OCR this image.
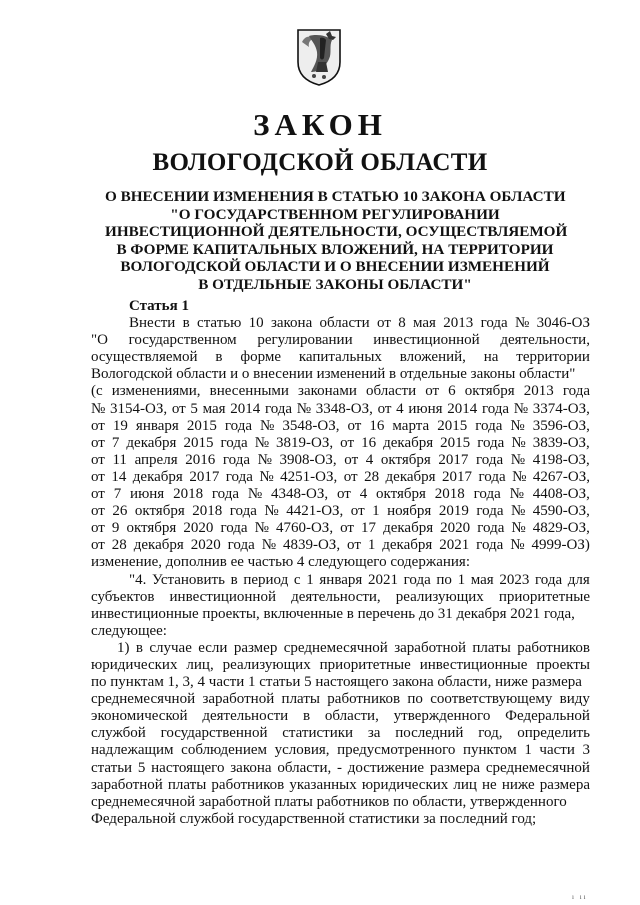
ЗАКОН
ВОЛОГОДСКОЙ ОБЛАСТИ
О ВНЕСЕНИИ ИЗМЕНЕНИЯ В СТАТЬЮ 10 ЗАКОНА ОБЛАСТИ
"О ГОСУДАРСТВЕННОМ РЕГУЛИРОВАНИИ
ИНВЕСТИЦИОННОЙ ДЕЯТЕЛЬНОСТИ, ОСУЩЕСТВЛЯЕМОЙ
В ФОРМЕ КАПИТАЛЬНЫХ ВЛОЖЕНИЙ, НА ТЕРРИТОРИИ
ВОЛОГОДСКОЙ ОБЛАСТИ И О ВНЕСЕНИИ ИЗМЕНЕНИЙ
В ОТДЕЛЬНЫЕ ЗАКОНЫ ОБЛАСТИ"
Статья 1
Внести в статью 10 закона области от 8 мая 2013 года № 3046-ОЗ
"О государственном регулировании инвестиционной деятельности,
осуществляемой в форме капитальных вложений, на территории
Вологодской области и о внесении изменений в отдельные законы области"
(с изменениями, внесенными законами области от 6 октября 2013 года
№ 3154-ОЗ, от 5 мая 2014 года № 3348-ОЗ, от 4 июня 2014 года № 3374-ОЗ,
от 19 января 2015 года № 3548-ОЗ, от 16 марта 2015 года № 3596-ОЗ,
от 7 декабря 2015 года № 3819-ОЗ, от 16 декабря 2015 года № 3839-ОЗ,
от 11 апреля 2016 года № 3908-ОЗ, от 4 октября 2017 года № 4198-ОЗ,
от 14 декабря 2017 года № 4251-ОЗ, от 28 декабря 2017 года № 4267-ОЗ,
от 7 июня 2018 года № 4348-ОЗ, от 4 октября 2018 года № 4408-ОЗ,
от 26 октября 2018 года № 4421-ОЗ, от 1 ноября 2019 года № 4590-ОЗ,
от 9 октября 2020 года № 4760-ОЗ, от 17 декабря 2020 года № 4829-ОЗ,
от 28 декабря 2020 года № 4839-ОЗ, от 1 декабря 2021 года № 4999-ОЗ)
изменение, дополнив ее частью 4 следующего содержания:
"4. Установить в период с 1 января 2021 года по 1 мая 2023 года для
субъектов инвестиционной деятельности, реализующих приоритетные
инвестиционные проекты, включенные в перечень до 31 декабря 2021 года,
следующее:
1) в случае если размер среднемесячной заработной платы работников
юридических лиц, реализующих приоритетные инвестиционные проекты
по пунктам 1, 3, 4 части 1 статьи 5 настоящего закона области, ниже размера
среднемесячной заработной платы работников по соответствующему виду
экономической деятельности в области, утвержденного Федеральной
службой государственной статистики за последний год, определить
надлежащим соблюдением условия, предусмотренного пунктом 1 части 3
статьи 5 настоящего закона области, - достижение размера среднемесячной
заработной платы работников указанных юридических лиц не ниже размера
среднемесячной заработной платы работников по области, утвержденного
Федеральной службой государственной статистики за последний год;
ı ıı
